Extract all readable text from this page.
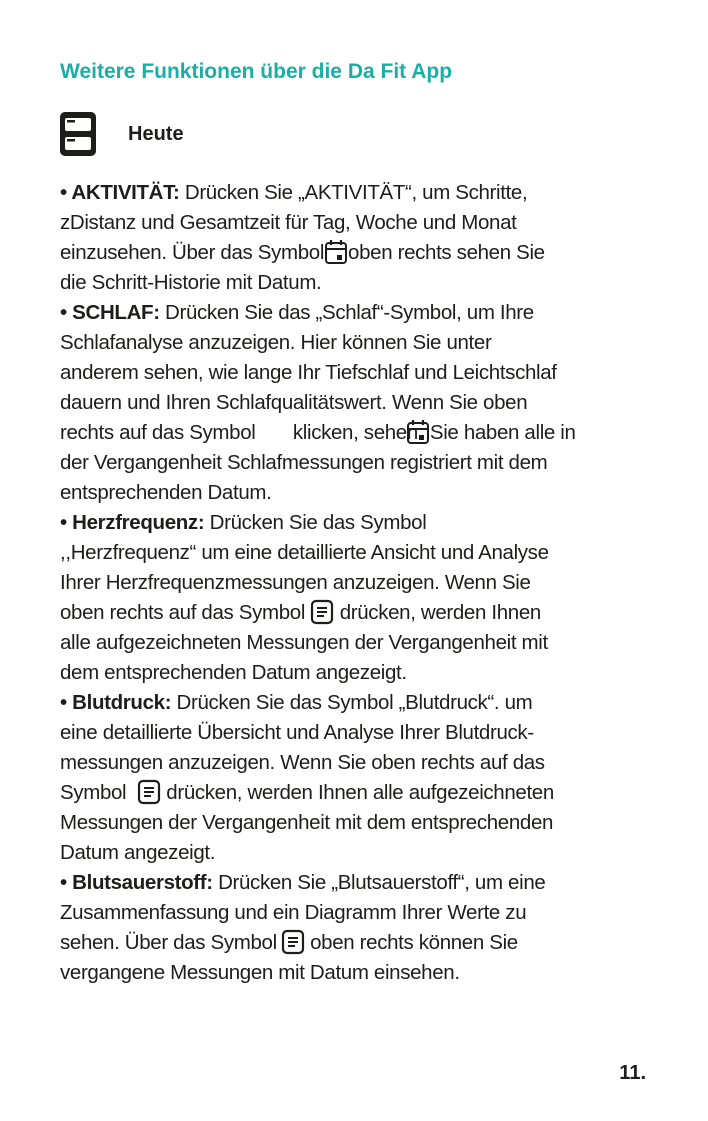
Weitere Funktionen über die Da Fit App
Heute
• AKTIVITÄT: Drücken Sie „AKTIVITÄT“, um Schritte,
zDistanz und Gesamtzeit für Tag, Woche und Monat
einzusehen. Über das Symbol oben rechts sehen Sie
die Schritt-Historie mit Datum.
• SCHLAF: Drücken Sie das „Schlaf“-Symbol, um Ihre
Schlafanalyse anzuzeigen. Hier können Sie unter
anderem sehen, wie lange Ihr Tiefschlaf und Leichtschlaf
dauern und Ihren Schlafqualitätswert. Wenn Sie oben
rechts auf das Symbol       klicken, sehen Sie haben alle in
der Vergangenheit Schlafmessungen registriert mit dem
entsprechenden Datum.
• Herzfrequenz: Drücken Sie das Symbol
,,Herzfrequenz“ um eine detaillierte Ansicht und Analyse
Ihrer Herzfrequenzmessungen anzuzeigen. Wenn Sie
oben rechts auf das Symbol
drücken, werden Ihnen
alle aufgezeichneten Messungen der Vergangenheit mit
dem entsprechenden Datum angezeigt.
• Blutdruck: Drücken Sie das Symbol „Blutdruck“. um
eine detaillierte Übersicht und Analyse Ihrer Blutdruck-
messungen anzuzeigen. Wenn Sie oben rechts auf das
Symbol
drücken, werden Ihnen alle aufgezeichneten
Messungen der Vergangenheit mit dem entsprechenden
Datum angezeigt.
• Blutsauerstoff: Drücken Sie „Blutsauerstoff“, um eine
Zusammenfassung und ein Diagramm Ihrer Werte zu
sehen. Über das Symbol
oben rechts können Sie
vergangene Messungen mit Datum einsehen.
11.
